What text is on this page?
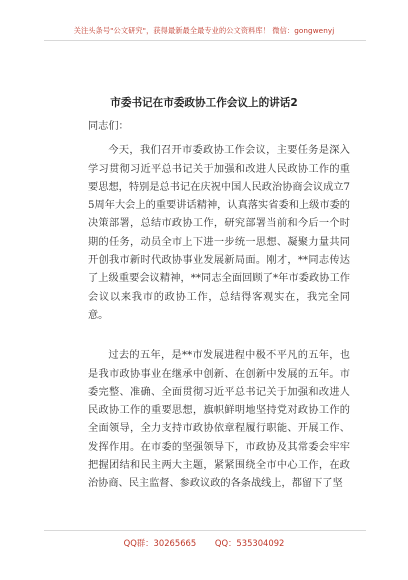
关注头条号"公文研究"，获得最新最全最专业的公文资料库！ 微信：gongwenyj
市委书记在市委政协工作会议上的讲话2

同志们：

今天，我们召开市委政协工作会议，主要任务是深入学习贯彻习近平总书记关于加强和改进人民政协工作的重要思想，特别是总书记在庆祝中国人民政治协商会议成立75周年大会上的重要讲话精神，认真落实省委和上级市委的决策部署，总结市政协工作，研究部署当前和今后一个时期的任务，动员全市上下进一步统一思想、凝聚力量共同开创我市新时代政协事业发展新局面。刚才，**同志传达了上级重要会议精神，**同志全面回顾了*年市委政协工作会议以来我市的政协工作，总结得客观实在，我完全同意。

过去的五年，是**市发展进程中极不平凡的五年，也是我市政协事业在继承中创新、在创新中发展的五年。市委完整、准确、全面贯彻习近平总书记关于加强和改进人民政协工作的重要思想，旗帜鲜明地坚持党对政协工作的全面领导，全力支持市政协依章程履行职能、开展工作、发挥作用。在市委的坚强领导下，市政协及其常委会牢牢把握团结和民主两大主题，紧紧围绕全市中心工作，在政治协商、民主监督、参政议政的各条战线上，都留下了坚

QQ群：30265665 QQ：535304092
